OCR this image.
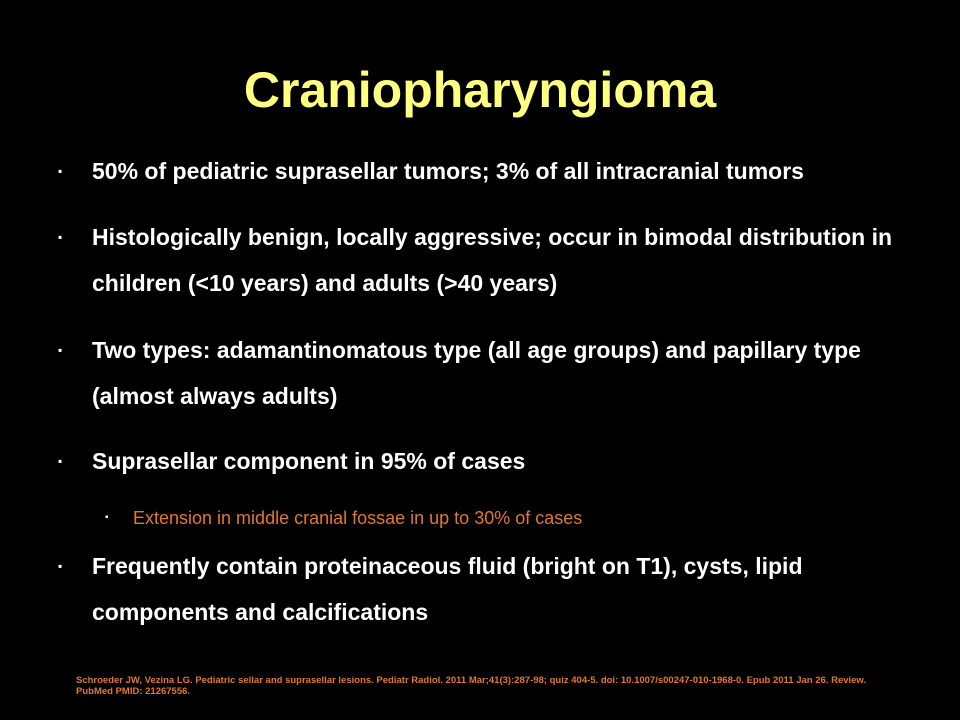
Craniopharyngioma
▪ 50% of pediatric suprasellar tumors; 3% of all intracranial tumors
▪ Histologically benign, locally aggressive; occur in bimodal distribution in children (<10 years) and adults (>40 years)
▪ Two types: adamantinomatous type (all age groups) and papillary type (almost always adults)
▪ Suprasellar component in 95% of cases
▪ Extension in middle cranial fossae in up to 30% of cases
▪ Frequently contain proteinaceous fluid (bright on T1), cysts, lipid components and calcifications
Schroeder JW, Vezina LG. Pediatric sellar and suprasellar lesions. Pediatr Radiol. 2011 Mar;41(3):287-98; quiz 404-5. doi: 10.1007/s00247-010-1968-0. Epub 2011 Jan 26. Review. PubMed PMID: 21267556.
